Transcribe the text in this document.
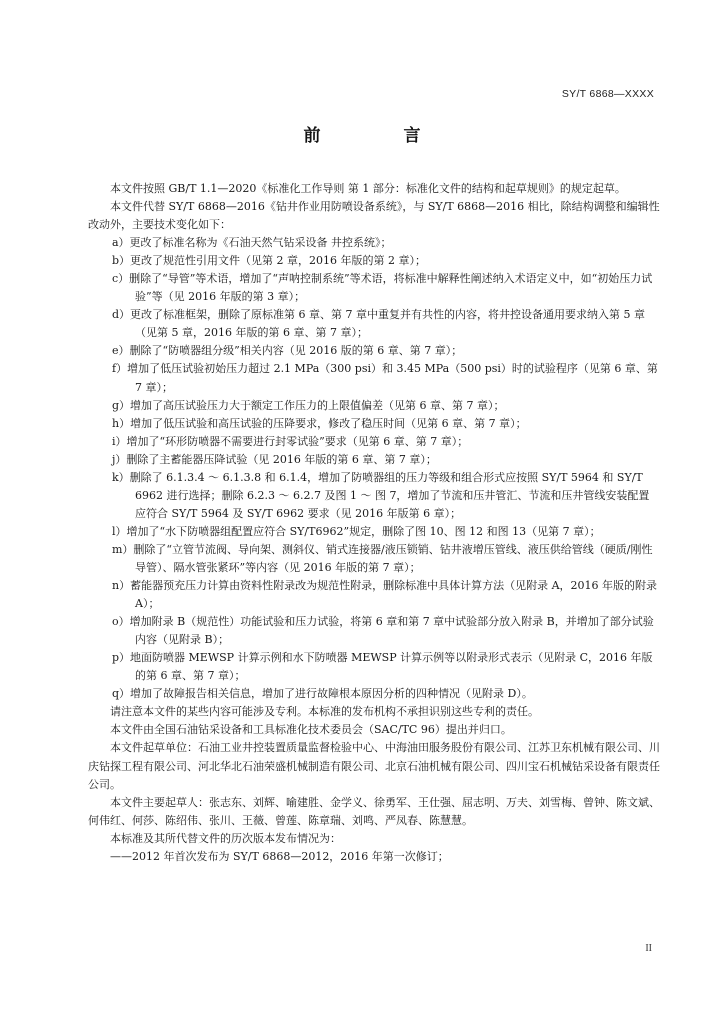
SY/T 6868—XXXX
前　言

本文件按照 GB/T 1.1—2020《标准化工作导则 第 1 部分：标准化文件的结构和起草规则》的规定起草。

本文件代替 SY/T 6868—2016《钻井作业用防喷设备系统》，与 SY/T 6868—2016 相比，除结构调整和编辑性改动外，主要技术变化如下：

a）更改了标准名称为《石油天然气钻采设备 井控系统》；

b）更改了规范性引用文件（见第 2 章，2016 年版的第 2 章）；

c）删除了“导管”等术语，增加了“声呐控制系统”等术语，将标准中解释性阐述纳入术语定义中，如“初始压力试验”等（见 2016 年版的第 3 章）；

d）更改了标准框架，删除了原标准第 6 章、第 7 章中重复并有共性的内容，将井控设备通用要求纳入第 5 章（见第 5 章，2016 年版的第 6 章、第 7 章）；

e）删除了“防喷器组分级”相关内容（见 2016 版的第 6 章、第 7 章）；

f）增加了低压试验初始压力超过 2.1 MPa（300 psi）和 3.45 MPa（500 psi）时的试验程序（见第 6 章、第 7 章）；

g）增加了高压试验压力大于额定工作压力的上限值偏差（见第 6 章、第 7 章）；

h）增加了低压试验和高压试验的压降要求，修改了稳压时间（见第 6 章、第 7 章）；

i）增加了“环形防喷器不需要进行封零试验”要求（见第 6 章、第 7 章）；

j）删除了主蓄能器压降试验（见 2016 年版的第 6 章、第 7 章）；

k）删除了 6.1.3.4 ～ 6.1.3.8 和 6.1.4，增加了防喷器组的压力等级和组合形式应按照 SY/T 5964 和 SY/T 6962 进行选择；删除 6.2.3 ～ 6.2.7 及图 1 ～ 图 7，增加了节流和压井管汇、节流和压井管线安装配置应符合 SY/T 5964 及 SY/T 6962 要求（见 2016 年版第 6 章）；

l）增加了“水下防喷器组配置应符合 SY/T6962”规定，删除了图 10、图 12 和图 13（见第 7 章）；

m）删除了“立管节流阀、导向架、测斜仪、销式连接器/液压锁销、钻井液增压管线、液压供给管线（硬质/刚性导管）、隔水管张紧环”等内容（见 2016 年版的第 7 章）；

n）蓄能器预充压力计算由资料性附录改为规范性附录，删除标准中具体计算方法（见附录 A，2016 年版的附录 A）；

o）增加附录 B（规范性）功能试验和压力试验，将第 6 章和第 7 章中试验部分放入附录 B，并增加了部分试验内容（见附录 B）；

p）地面防喷器 MEWSP 计算示例和水下防喷器 MEWSP 计算示例等以附录形式表示（见附录 C，2016 年版的第 6 章、第 7 章）；

q）增加了故障报告相关信息，增加了进行故障根本原因分析的四种情况（见附录 D）。

请注意本文件的某些内容可能涉及专利。本标准的发布机构不承担识别这些专利的责任。

本文件由全国石油钻采设备和工具标准化技术委员会（SAC/TC 96）提出并归口。

本文件起草单位：石油工业井控装置质量监督检验中心、中海油田服务股份有限公司、江苏卫东机械有限公司、川庆钻探工程有限公司、河北华北石油荣盛机械制造有限公司、北京石油机械有限公司、四川宝石机械钻采设备有限责任公司。

本文件主要起草人：张志东、刘辉、喻建胜、金学义、徐勇军、王仕强、屈志明、万夫、刘雪梅、曾钟、陈文斌、何伟红、何莎、陈绍伟、张川、王薇、曾莲、陈章瑞、刘鸣、严凤春、陈慧慧。

本标准及其所代替文件的历次版本发布情况为：

——2012 年首次发布为 SY/T 6868—2012，2016 年第一次修订；

II
